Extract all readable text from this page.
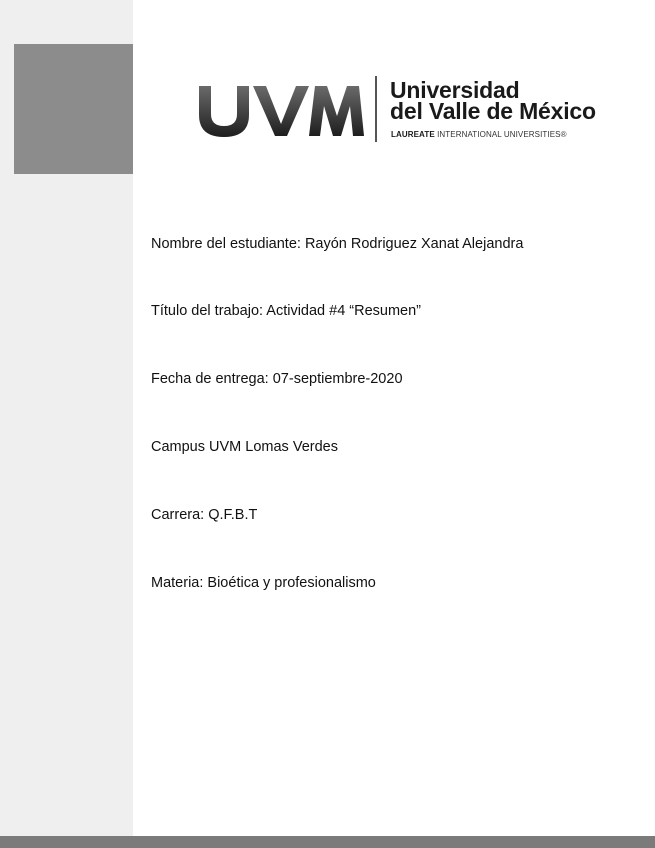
Universidad
del Valle de México
LAUREATE INTERNATIONAL UNIVERSITIES®
Nombre del estudiante: Rayón Rodriguez Xanat Alejandra
Título del trabajo: Actividad #4 “Resumen”
Fecha de entrega: 07-septiembre-2020
Campus UVM Lomas Verdes
Carrera: Q.F.B.T
Materia: Bioética y profesionalismo
